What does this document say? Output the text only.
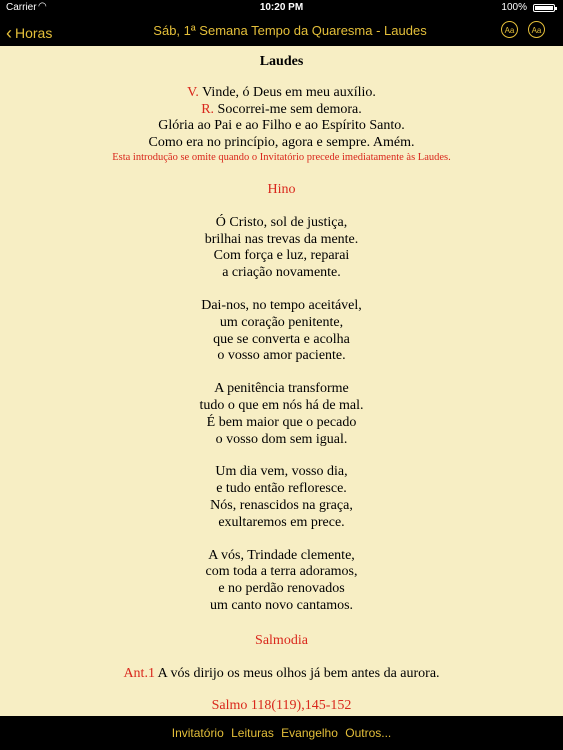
Carrier ◠	10:20 PM	100%
‹ Horas	Sáb, 1ª Semana Tempo da Quaresma - Laudes	Aa	Aa
Laudes
V. Vinde, ó Deus em meu auxílio.
R. Socorrei-me sem demora.
Glória ao Pai e ao Filho e ao Espírito Santo.
Como era no princípio, agora e sempre. Amém.
Esta introdução se omite quando o Invitatório precede imediatamente às Laudes.
Hino
Ó Cristo, sol de justiça,
brilhai nas trevas da mente.
Com força e luz, reparai
a criação novamente.
Dai-nos, no tempo aceitável,
um coração penitente,
que se converta e acolha
o vosso amor paciente.
A penitência transforme
tudo o que em nós há de mal.
É bem maior que o pecado
o vosso dom sem igual.
Um dia vem, vosso dia,
e tudo então refloresce.
Nós, renascidos na graça,
exultaremos em prece.
A vós, Trindade clemente,
com toda a terra adoramos,
e no perdão renovados
um canto novo cantamos.
Salmodia
Ant.1 A vós dirijo os meus olhos já bem antes da aurora.
Salmo 118(119),145-152
Invitatório Leituras Evangelho Outros...
